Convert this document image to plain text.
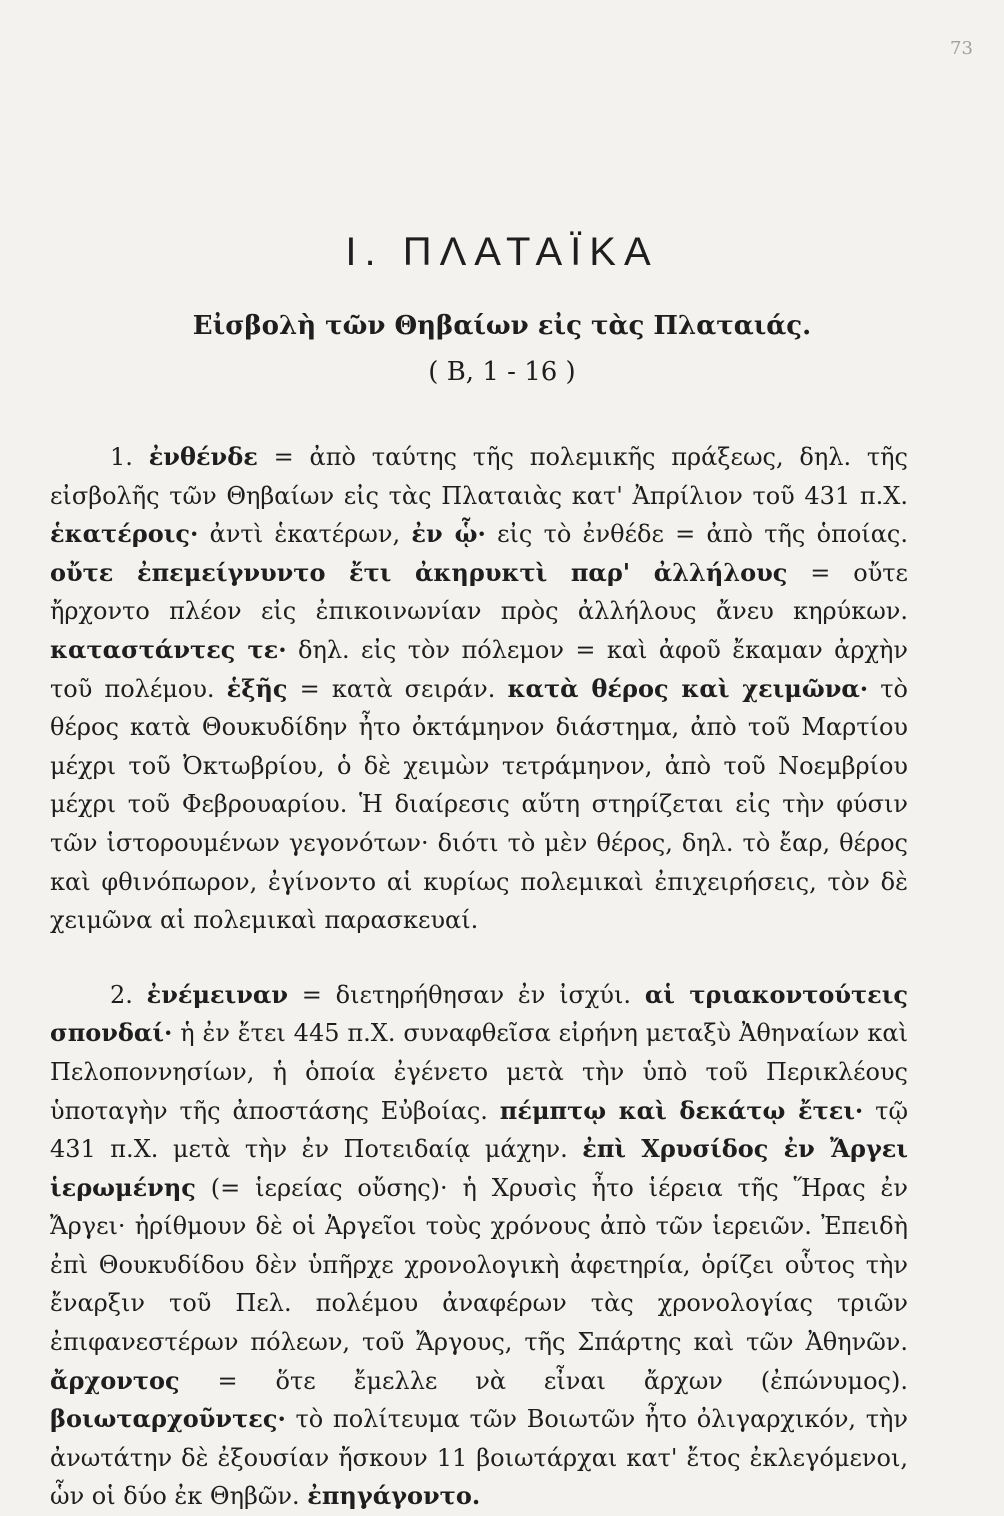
73
I. ΠΛΑΤΑΪΚΑ
Εἰσβολὴ τῶν Θηβαίων εἰς τὰς Πλαταιάς.
( B, 1 - 16 )

1. ἐνθένδε = ἀπὸ ταύτης τῆς πολεμικῆς πράξεως, δηλ. τῆς εἰσβολῆς τῶν Θηβαίων εἰς τὰς Πλαταιὰς κατ' Ἀπρίλιον τοῦ 431 π.Χ. ἑκατέροις· ἀντὶ ἑκατέρων, ἐν ᾧ· εἰς τὸ ἐνθέδε = ἀπὸ τῆς ὁποίας. οὔτε ἐπεμείγνυντο ἔτι ἀκηρυκτὶ παρ' ἀλλήλους = οὔτε ἤρχοντο πλέον εἰς ἐπικοινωνίαν πρὸς ἀλλήλους ἄνευ κηρύκων. καταστάντες τε· δηλ. εἰς τὸν πόλεμον = καὶ ἀφοῦ ἔκαμαν ἀρχὴν τοῦ πολέμου. ἑξῆς = κατὰ σειράν. κατὰ θέρος καὶ χειμῶνα· τὸ θέρος κατὰ Θουκυδίδην ἦτο ὀκτάμηνον διάστημα, ἀπὸ τοῦ Μαρτίου μέχρι τοῦ Ὀκτωβρίου, ὁ δὲ χειμὼν τετράμηνον, ἀπὸ τοῦ Νοεμβρίου μέχρι τοῦ Φεβρουαρίου. Ἡ διαίρεσις αὕτη στηρίζεται εἰς τὴν φύσιν τῶν ἱστορουμένων γεγονότων· διότι τὸ μὲν θέρος, δηλ. τὸ ἔαρ, θέρος καὶ φθινόπωρον, ἐγίνοντο αἱ κυρίως πολεμικαὶ ἐπιχειρήσεις, τὸν δὲ χειμῶνα αἱ πολεμικαὶ παρασκευαί.

2. ἐνέμειναν = διετηρήθησαν ἐν ἰσχύι. αἱ τριακοντούτεις σπονδαί· ἡ ἐν ἔτει 445 π.Χ. συναφθεῖσα εἰρήνη μεταξὺ Ἀθηναίων καὶ Πελοποννησίων, ἡ ὁποία ἐγένετο μετὰ τὴν ὑπὸ τοῦ Περικλέους ὑποταγὴν τῆς ἀποστάσης Εὐβοίας. πέμπτῳ καὶ δεκάτῳ ἔτει· τῷ 431 π.Χ. μετὰ τὴν ἐν Ποτειδαίᾳ μάχην. ἐπὶ Χρυσίδος ἐν Ἄργει ἱερωμένης (= ἱερείας οὔσης)· ἡ Χρυσὶς ἦτο ἱέρεια τῆς Ἥρας ἐν Ἄργει· ἠρίθμουν δὲ οἱ Ἀργεῖοι τοὺς χρόνους ἀπὸ τῶν ἱερειῶν. Ἐπειδὴ ἐπὶ Θουκυδίδου δὲν ὑπῆρχε χρονολογικὴ ἀφετηρία, ὁρίζει οὗτος τὴν ἔναρξιν τοῦ Πελ. πολέμου ἀναφέρων τὰς χρονολογίας τριῶν ἐπιφανεστέρων πόλεων, τοῦ Ἄργους, τῆς Σπάρτης καὶ τῶν Ἀθηνῶν. ἄρχοντος = ὅτε ἔμελλε νὰ εἶναι ἄρχων (ἐπώνυμος). βοιωταρχοῦντες· τὸ πολίτευμα τῶν Βοιωτῶν ἦτο ὀλιγαρχικόν, τὴν ἀνωτάτην δὲ ἐξουσίαν ἤσκουν 11 βοιωτάρχαι κατ' ἔτος ἐκλεγόμενοι, ὧν οἱ δύο ἐκ Θηβῶν. ἐπηγάγοντο.
